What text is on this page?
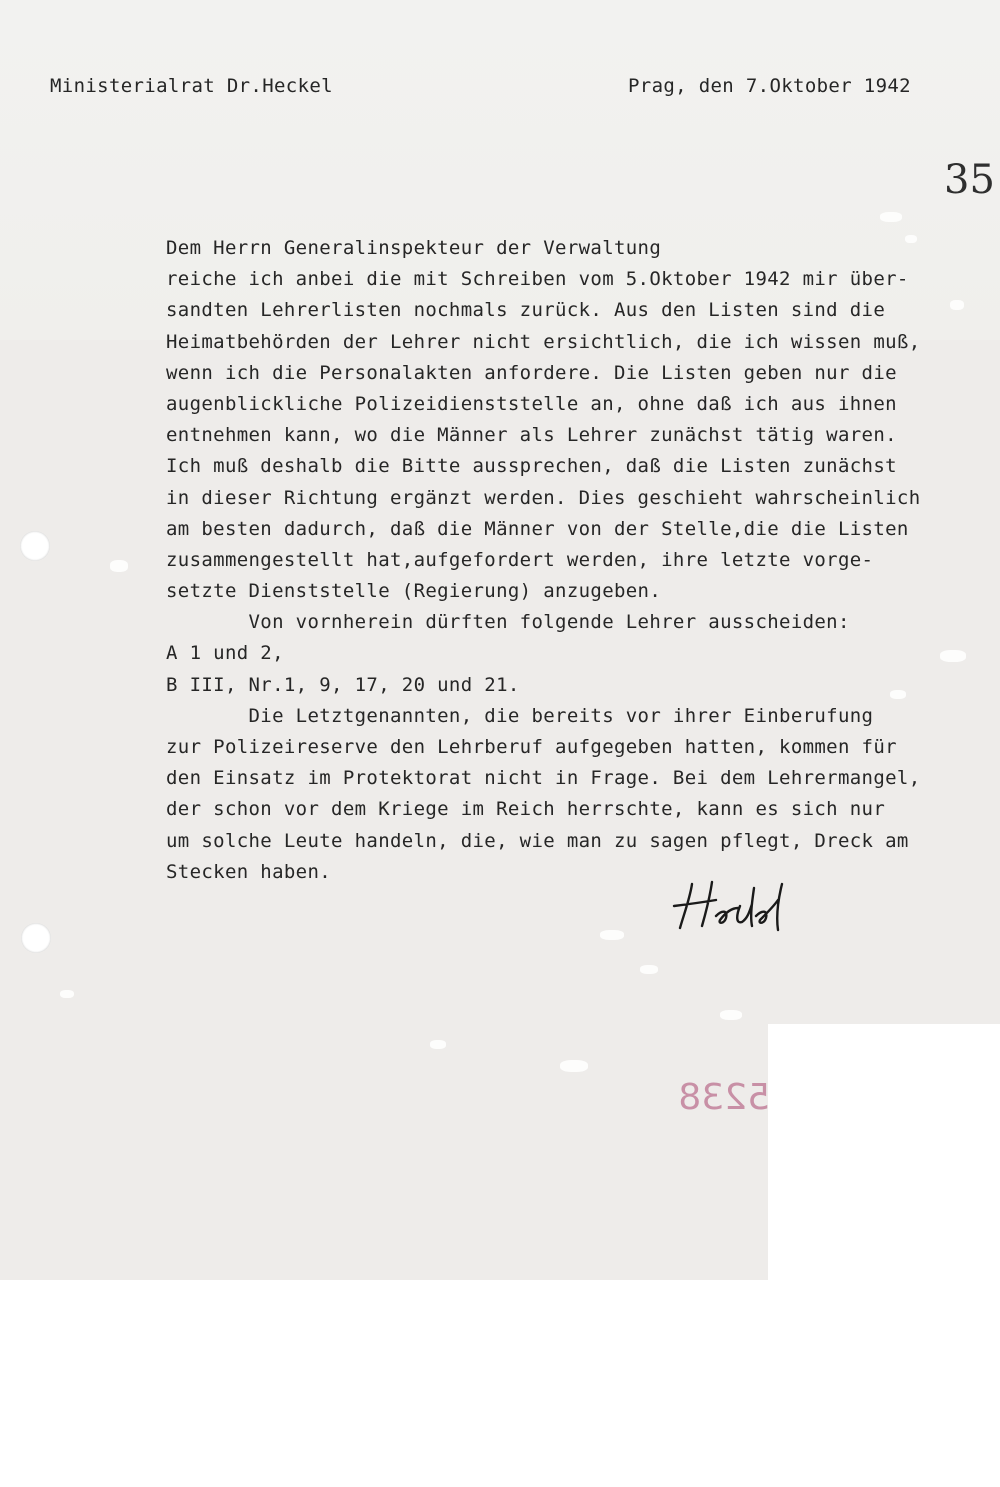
Ministerialrat Dr.Heckel	Prag, den 7.Oktober 1942
35
Dem Herrn Generalinspekteur der Verwaltung
reiche ich anbei die mit Schreiben vom 5.Oktober 1942 mir über-
sandten Lehrerlisten nochmals zurück. Aus den Listen sind die
Heimatbehörden der Lehrer nicht ersichtlich, die ich wissen muß,
wenn ich die Personalakten anfordere. Die Listen geben nur die
augenblickliche Polizeidienststelle an, ohne daß ich aus ihnen
entnehmen kann, wo die Männer als Lehrer zunächst tätig waren.
Ich muß deshalb die Bitte aussprechen, daß die Listen zunächst
in dieser Richtung ergänzt werden. Dies geschieht wahrscheinlich
am besten dadurch, daß die Männer von der Stelle,die die Listen
zusammengestellt hat,aufgefordert werden, ihre letzte vorge-
setzte Dienststelle (Regierung) anzugeben.
Von vornherein dürften folgende Lehrer ausscheiden:
A 1 und 2,
B III, Nr.1, 9, 17, 20 und 21.
Die Letztgenannten, die bereits vor ihrer Einberufung
zur Polizeireserve den Lehrberuf aufgegeben hatten, kommen für
den Einsatz im Protektorat nicht in Frage. Bei dem Lehrermangel,
der schon vor dem Kriege im Reich herrschte, kann es sich nur
um solche Leute handeln, die, wie man zu sagen pflegt, Dreck am
Stecken haben.
5238
